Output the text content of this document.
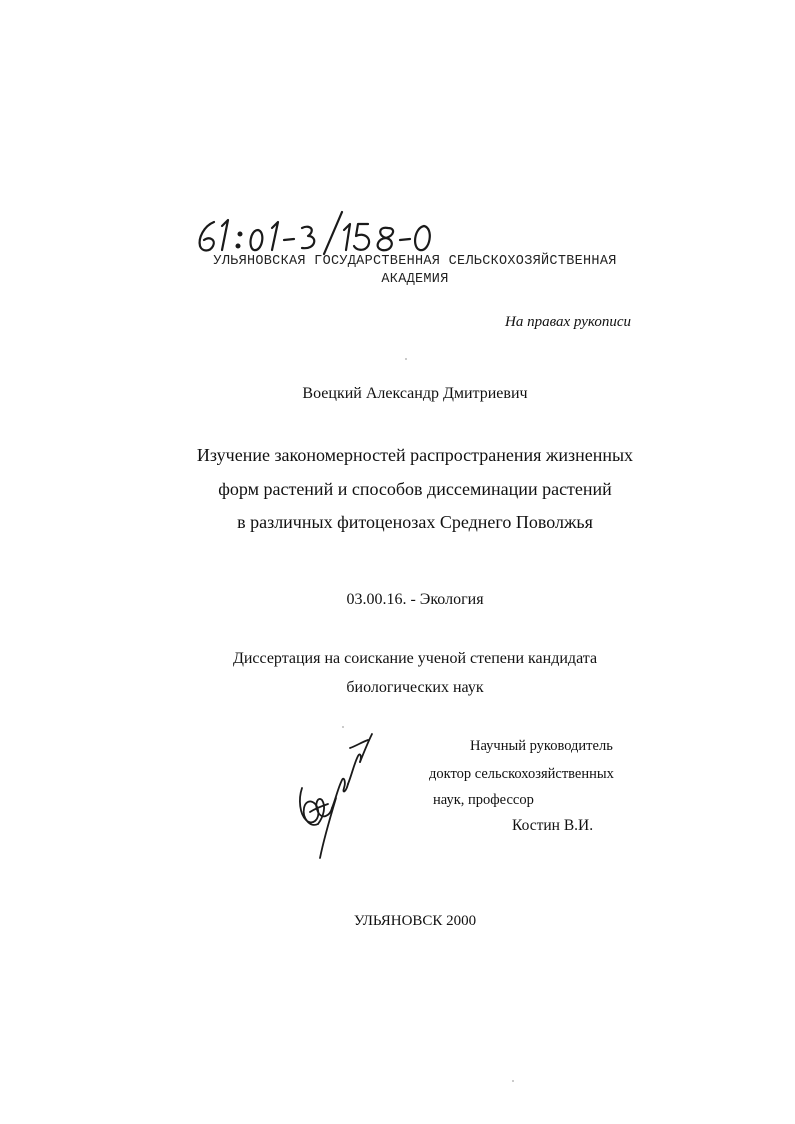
УЛЬЯНОВСКАЯ ГОСУДАРСТВЕННАЯ СЕЛЬСКОХОЗЯЙСТВЕННАЯ
АКАДЕМИЯ
На правах рукописи
Воецкий Александр Дмитриевич
Изучение закономерностей распространения жизненных
форм растений и способов диссеминации растений
в различных фитоценозах Среднего Поволжья
03.00.16. - Экология
Диссертация на соискание ученой степени кандидата
биологических наук
Научный руководитель
доктор сельскохозяйственных
наук, профессор
Костин В.И.
УЛЬЯНОВСК 2000
